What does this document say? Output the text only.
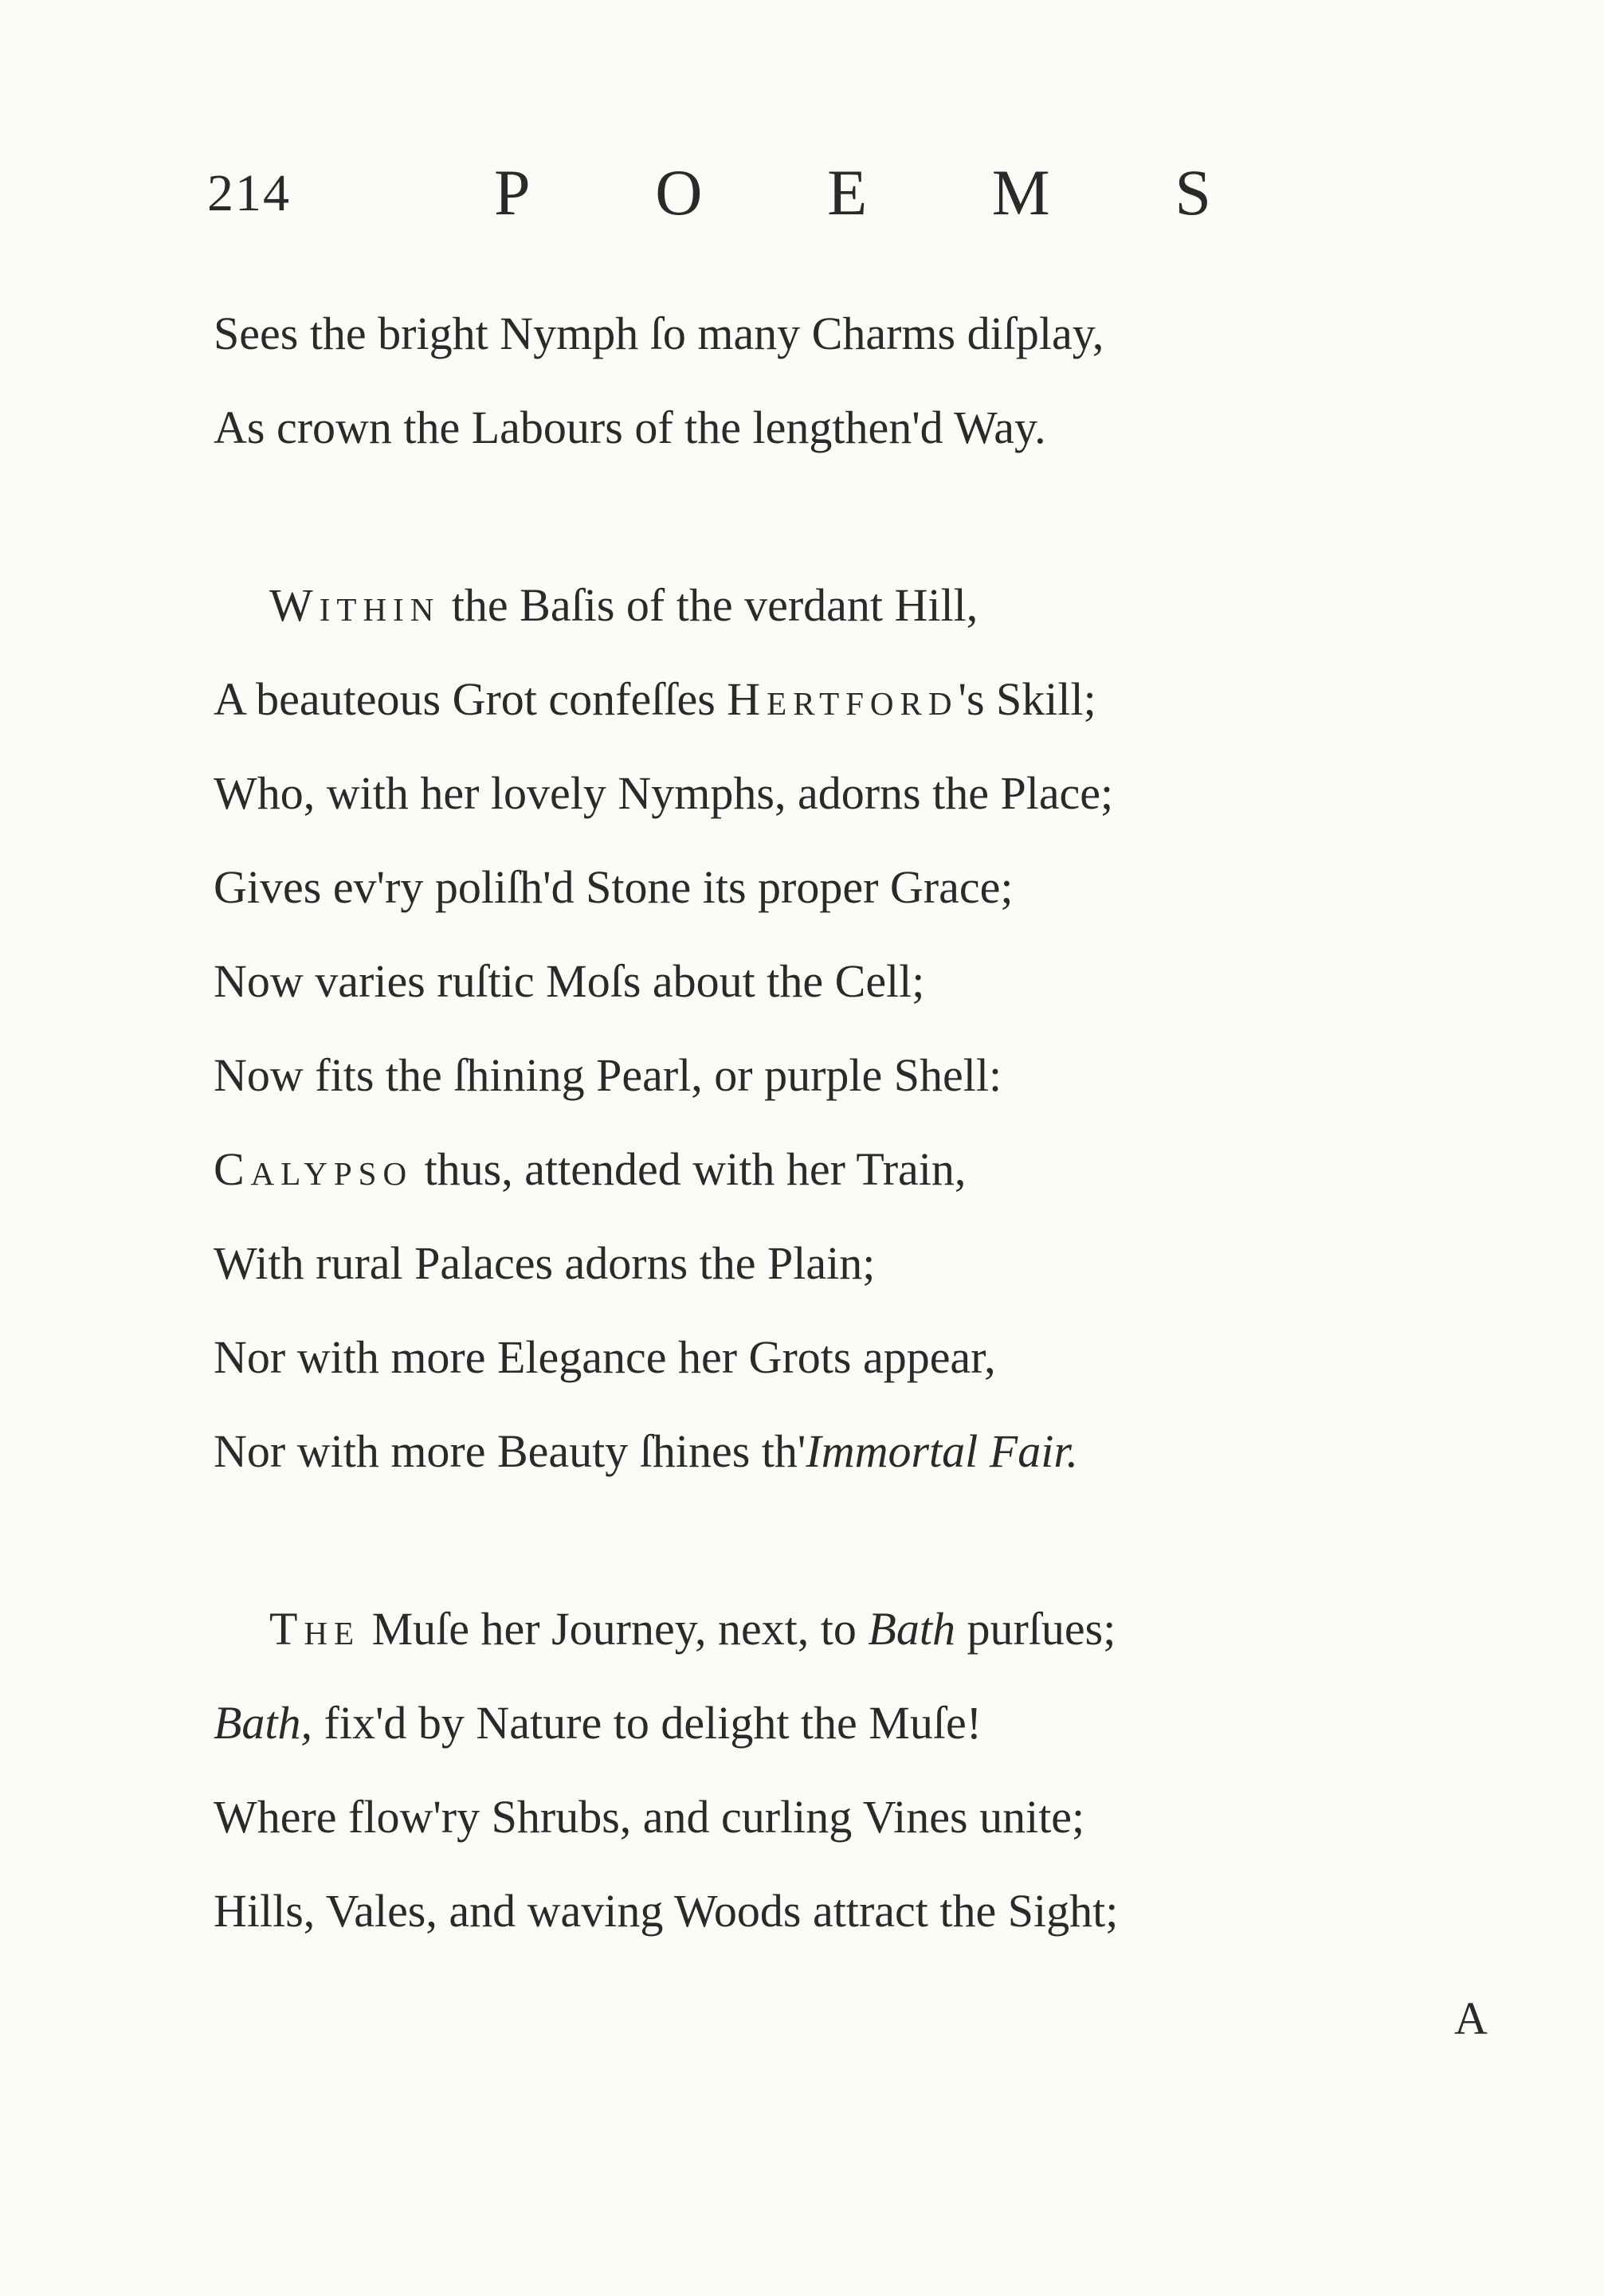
214	P O E M S
Sees the bright Nymph ſo many Charms diſplay,
As crown the Labours of the lengthen'd Way.
Within the Baſis of the verdant Hill,
A beauteous Grot confeſſes Hertford's Skill;
Who, with her lovely Nymphs, adorns the Place;
Gives ev'ry poliſh'd Stone its proper Grace;
Now varies ruſtic Moſs about the Cell;
Now fits the ſhining Pearl, or purple Shell:
Calypso thus, attended with her Train,
With rural Palaces adorns the Plain;
Nor with more Elegance her Grots appear,
Nor with more Beauty ſhines th'Immortal Fair.
The Muſe her Journey, next, to Bath purſues;
Bath, fix'd by Nature to delight the Muſe!
Where flow'ry Shrubs, and curling Vines unite;
Hills, Vales, and waving Woods attract the Sight;
A
